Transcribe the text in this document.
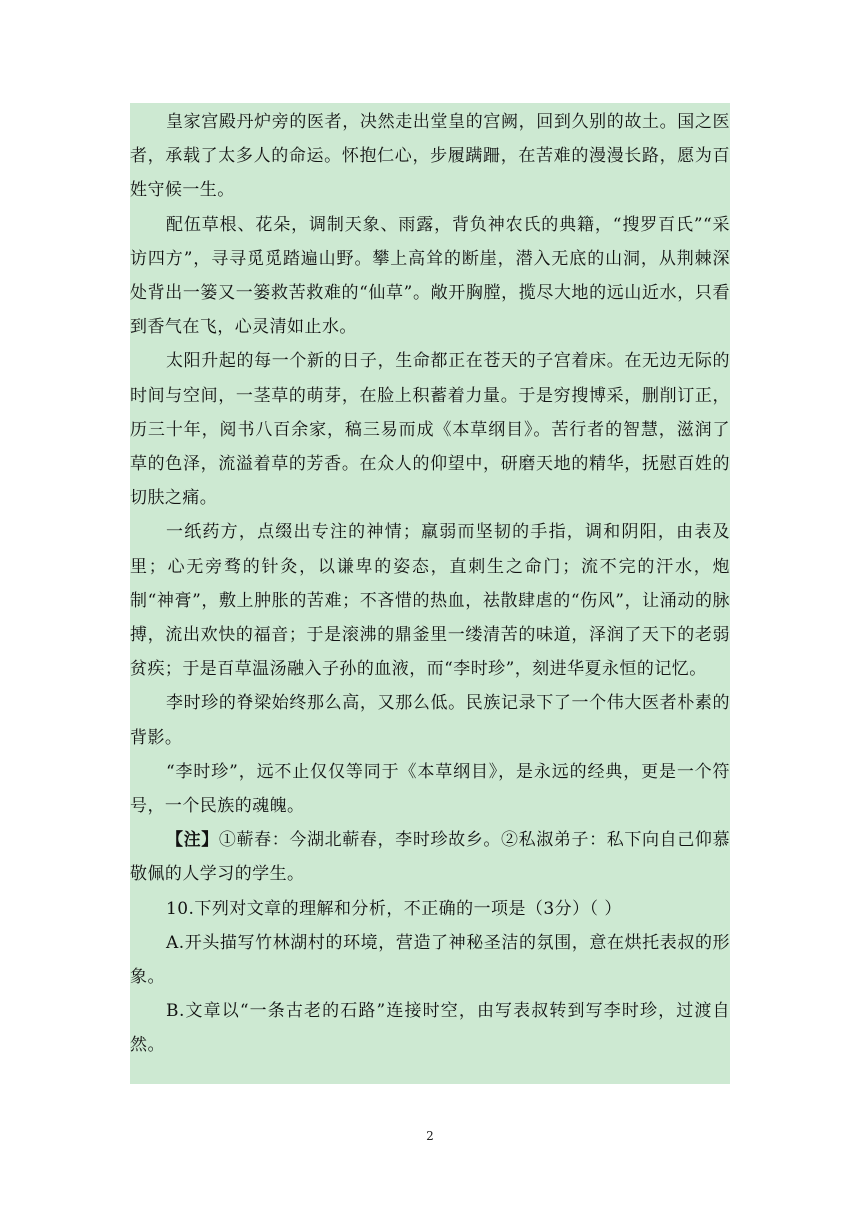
皇家宫殿丹炉旁的医者，决然走出堂皇的宫阙，回到久别的故土。国之医者，承载了太多人的命运。怀抱仁心，步履蹒跚，在苦难的漫漫长路，愿为百姓守候一生。

配伍草根、花朵，调制天象、雨露，背负神农氏的典籍，“搜罗百氏”“采访四方”，寻寻觅觅踏遍山野。攀上高耸的断崖，潜入无底的山洞，从荆棘深处背出一篓又一篓救苦救难的“仙草”。敞开胸膛，揽尽大地的远山近水，只看到香气在飞，心灵清如止水。

太阳升起的每一个新的日子，生命都正在苍天的子宫着床。在无边无际的时间与空间，一茎草的萌芽，在脸上积蓄着力量。于是穷搜博采，删削订正，历三十年，阅书八百余家，稿三易而成《本草纲目》。苦行者的智慧，滋润了草的色泽，流溢着草的芳香。在众人的仰望中，研磨天地的精华，抚慰百姓的切肤之痛。

一纸药方，点缀出专注的神情；羸弱而坚韧的手指，调和阴阳，由表及里；心无旁骛的针灸，以谦卑的姿态，直刺生之命门；流不完的汗水，炮制“神膏”，敷上肿胀的苦难；不吝惜的热血，祛散肆虐的“伤风”，让涌动的脉搏，流出欢快的福音；于是滚沸的鼎釜里一缕清苦的味道，泽润了天下的老弱贫疾；于是百草温汤融入子孙的血液，而“李时珍”，刻进华夏永恒的记忆。

李时珍的脊梁始终那么高，又那么低。民族记录下了一个伟大医者朴素的背影。

“李时珍”，远不止仅仅等同于《本草纲目》，是永远的经典，更是一个符号，一个民族的魂魄。

【注】①蕲春：今湖北蕲春，李时珍故乡。②私淑弟子：私下向自己仰慕敬佩的人学习的学生。

10.下列对文章的理解和分析，不正确的一项是（3分）（ ）

A.开头描写竹林湖村的环境，营造了神秘圣洁的氛围，意在烘托表叔的形象。

B.文章以“一条古老的石路”连接时空，由写表叔转到写李时珍，过渡自然。

2
